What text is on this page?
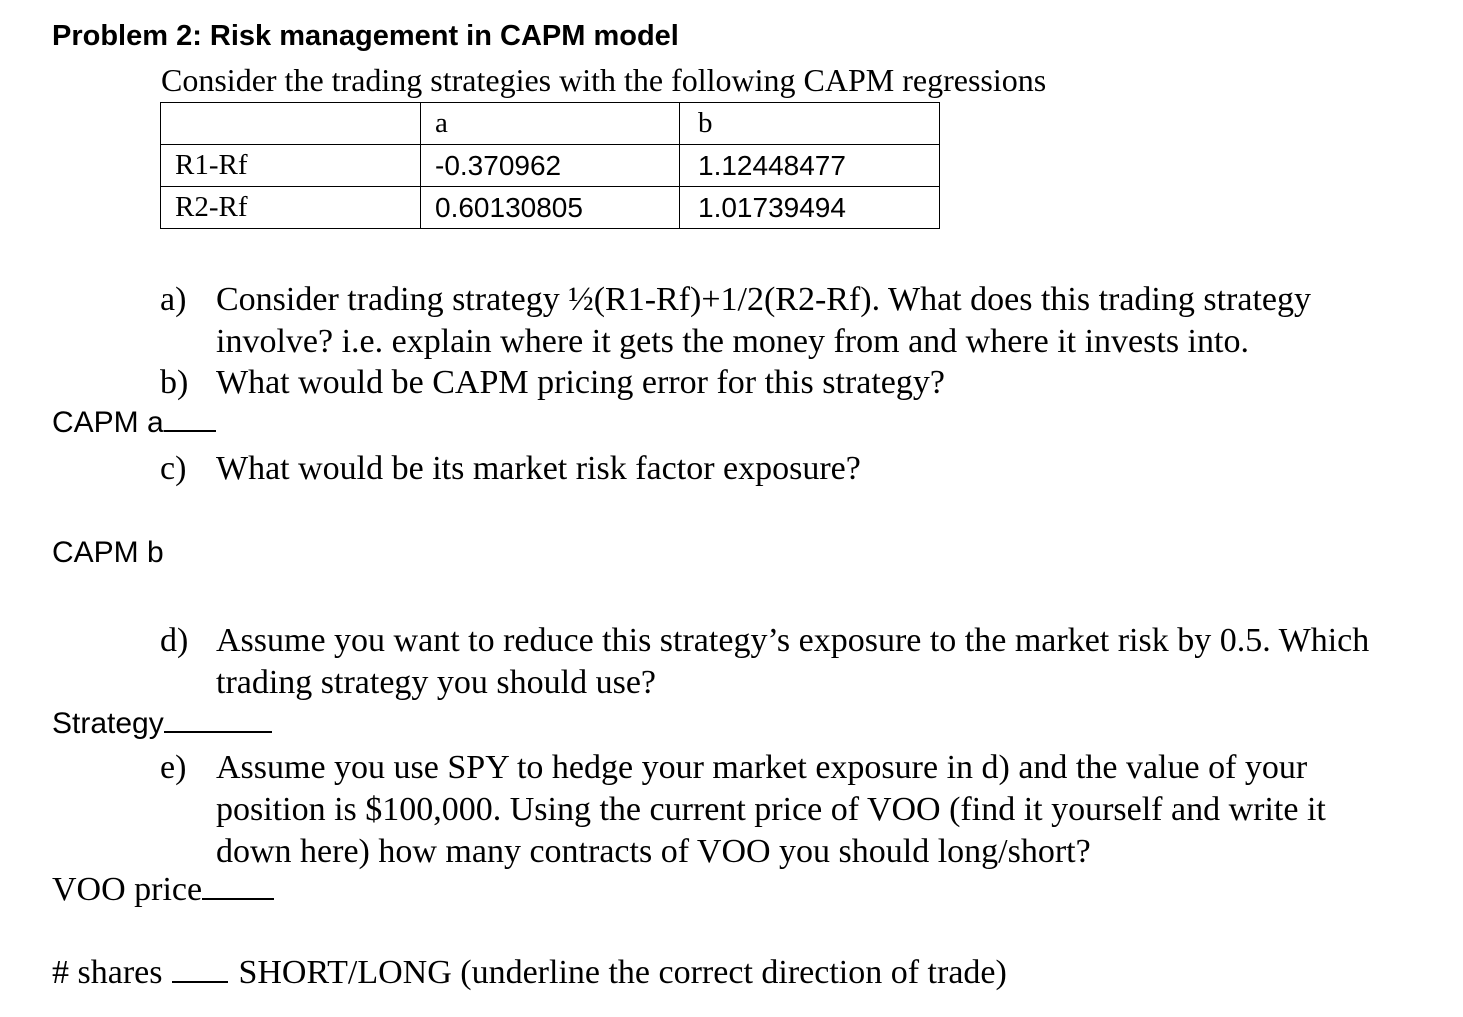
Problem 2: Risk management in CAPM model
Consider the trading strategies with the following CAPM regressions
	a	b
R1-Rf	-0.370962	1.12448477
R2-Rf	0.60130805	1.01739494
a) Consider trading strategy ½(R1-Rf)+1/2(R2-Rf). What does this trading strategy
involve? i.e. explain where it gets the money from and where it invests into.
b) What would be CAPM pricing error for this strategy?
CAPM a
c) What would be its market risk factor exposure?
CAPM b
d) Assume you want to reduce this strategy’s exposure to the market risk by 0.5. Which
trading strategy you should use?
Strategy
e) Assume you use SPY to hedge your market exposure in d) and the value of your
position is $100,000. Using the current price of VOO (find it yourself and write it
down here) how many contracts of VOO you should long/short?
VOO price
# shares SHORT/LONG (underline the correct direction of trade)
